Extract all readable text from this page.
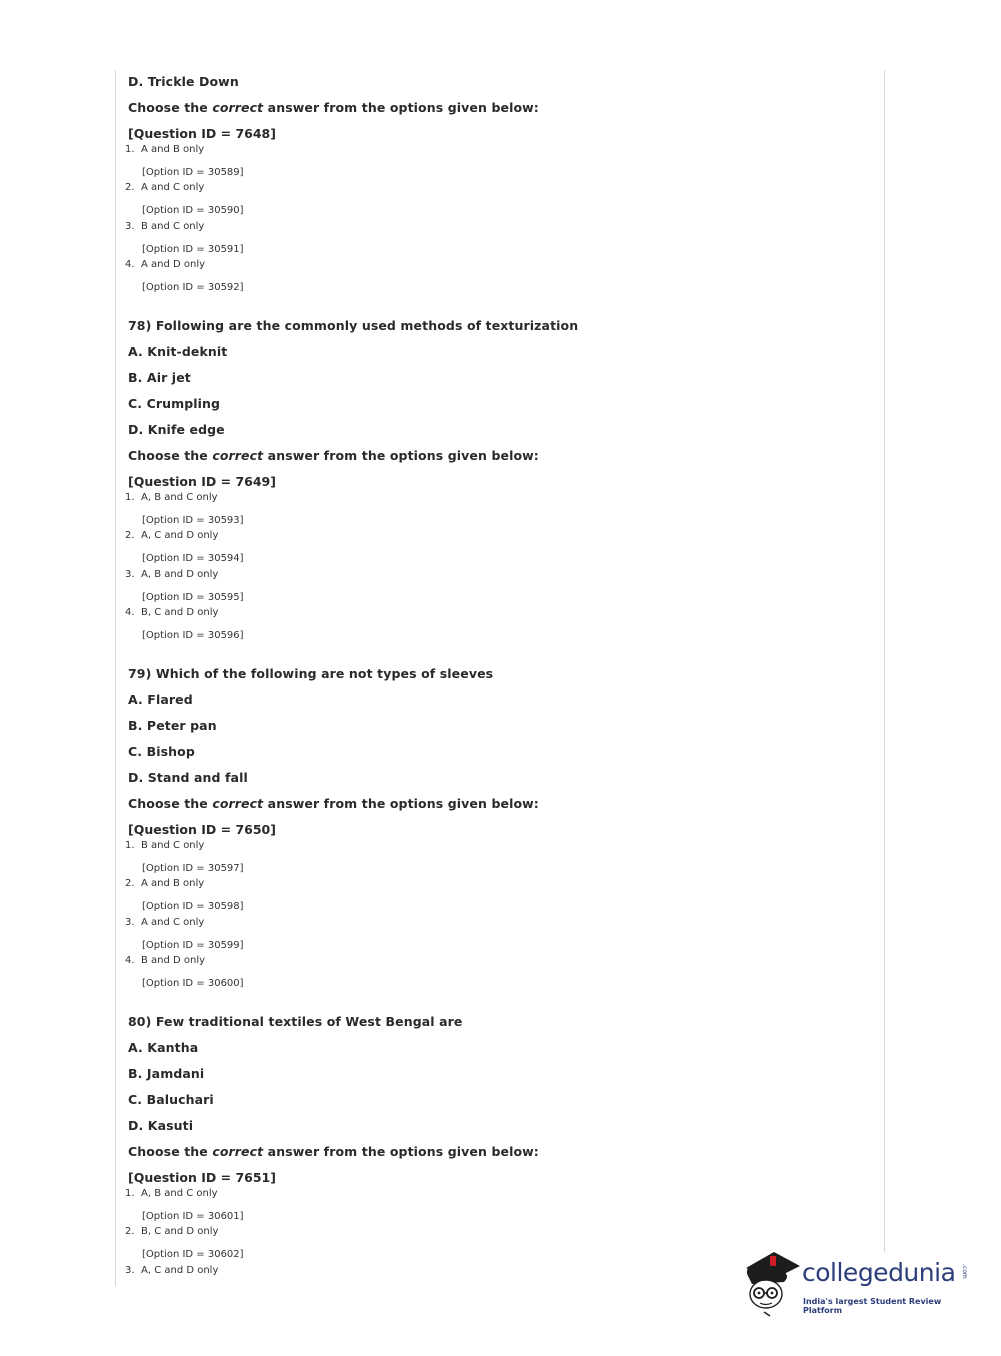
D. Trickle Down
Choose the correct answer from the options given below:
[Question ID = 7648]
1. A and B only
[Option ID = 30589]
2. A and C only
[Option ID = 30590]
3. B and C only
[Option ID = 30591]
4. A and D only
[Option ID = 30592]
78) Following are the commonly used methods of texturization
A. Knit-deknit
B. Air jet
C. Crumpling
D. Knife edge
Choose the correct answer from the options given below:
[Question ID = 7649]
1. A, B and C only
[Option ID = 30593]
2. A, C and D only
[Option ID = 30594]
3. A, B and D only
[Option ID = 30595]
4. B, C and D only
[Option ID = 30596]
79) Which of the following are not types of sleeves
A. Flared
B. Peter pan
C. Bishop
D. Stand and fall
Choose the correct answer from the options given below:
[Question ID = 7650]
1. B and C only
[Option ID = 30597]
2. A and B only
[Option ID = 30598]
3. A and C only
[Option ID = 30599]
4. B and D only
[Option ID = 30600]
80) Few traditional textiles of West Bengal are
A. Kantha
B. Jamdani
C. Baluchari
D. Kasuti
Choose the correct answer from the options given below:
[Question ID = 7651]
1. A, B and C only
[Option ID = 30601]
2. B, C and D only
[Option ID = 30602]
3. A, C and D only	collegedunia .com
India's largest Student Review Platform
